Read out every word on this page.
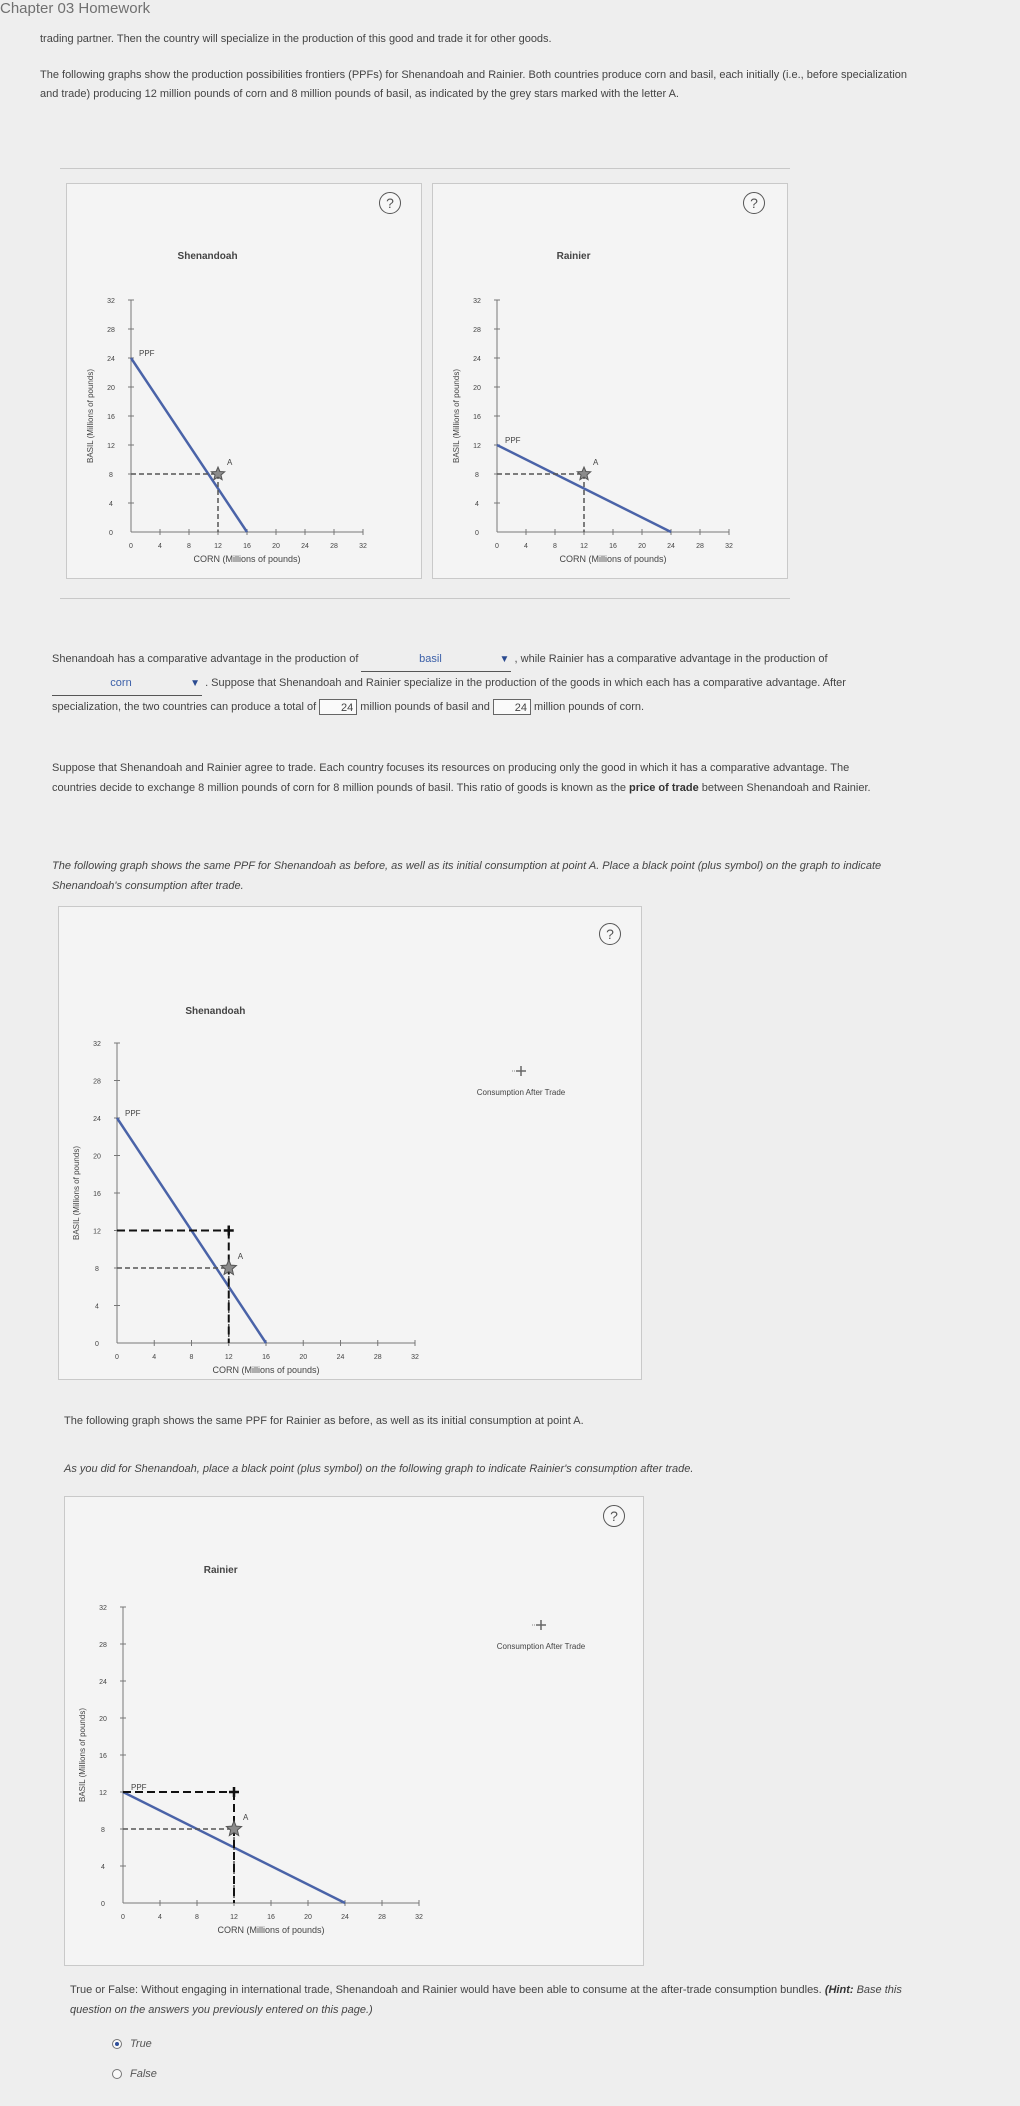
Chapter 03 Homework
trading partner. Then the country will specialize in the production of this good and trade it for other goods.
The following graphs show the production possibilities frontiers (PPFs) for Shenandoah and Rainier. Both countries produce corn and basil, each initially (i.e., before specialization and trade) producing 12 million pounds of corn and 8 million pounds of basil, as indicated by the grey stars marked with the letter A.
?
Shenandoah
0
0
4
4
8
8
12
12
16
16
20
20
24
24
28
28
32
32
CORN (Millions of pounds)
BASIL (Millions of pounds)
PPF
A
?
Rainier
0
0
4
4
8
8
12
12
16
16
20
20
24
24
28
28
32
32
CORN (Millions of pounds)
BASIL (Millions of pounds)	PPF
A
Shenandoah has a comparative advantage in the production of	basil	▼ , while Rainier has a comparative advantage in the production of corn	▼ . Suppose that Shenandoah and Rainier specialize in the production of the goods in which each has a comparative advantage. After specialization, the two countries can produce a total of 24 million pounds of basil and 24 million pounds of corn.
Suppose that Shenandoah and Rainier agree to trade. Each country focuses its resources on producing only the good in which it has a comparative advantage. The countries decide to exchange 8 million pounds of corn for 8 million pounds of basil. This ratio of goods is known as the price of trade between Shenandoah and Rainier.
The following graph shows the same PPF for Shenandoah as before, as well as its initial consumption at point A. Place a black point (plus symbol) on the graph to indicate Shenandoah's consumption after trade.
?
Shenandoah
0
0
4
4
8
8
12
12
16
16
20
20
24
24
28
28
32
32
CORN (Millions of pounds)
BASIL (Millions of pounds)
PPF
Consumption After Trade
A
The following graph shows the same PPF for Rainier as before, as well as its initial consumption at point A.
As you did for Shenandoah, place a black point (plus symbol) on the following graph to indicate Rainier's consumption after trade.
?
Rainier
0
0
4
4
8
8
12
12
16
16
20
20
24
24
28
28
32
32
CORN (Millions of pounds)
BASIL (Millions of pounds)	PPF
Consumption After Trade
A
True or False: Without engaging in international trade, Shenandoah and Rainier would have been able to consume at the after-trade consumption bundles. (Hint: Base this question on the answers you previously entered on this page.)
True
False
